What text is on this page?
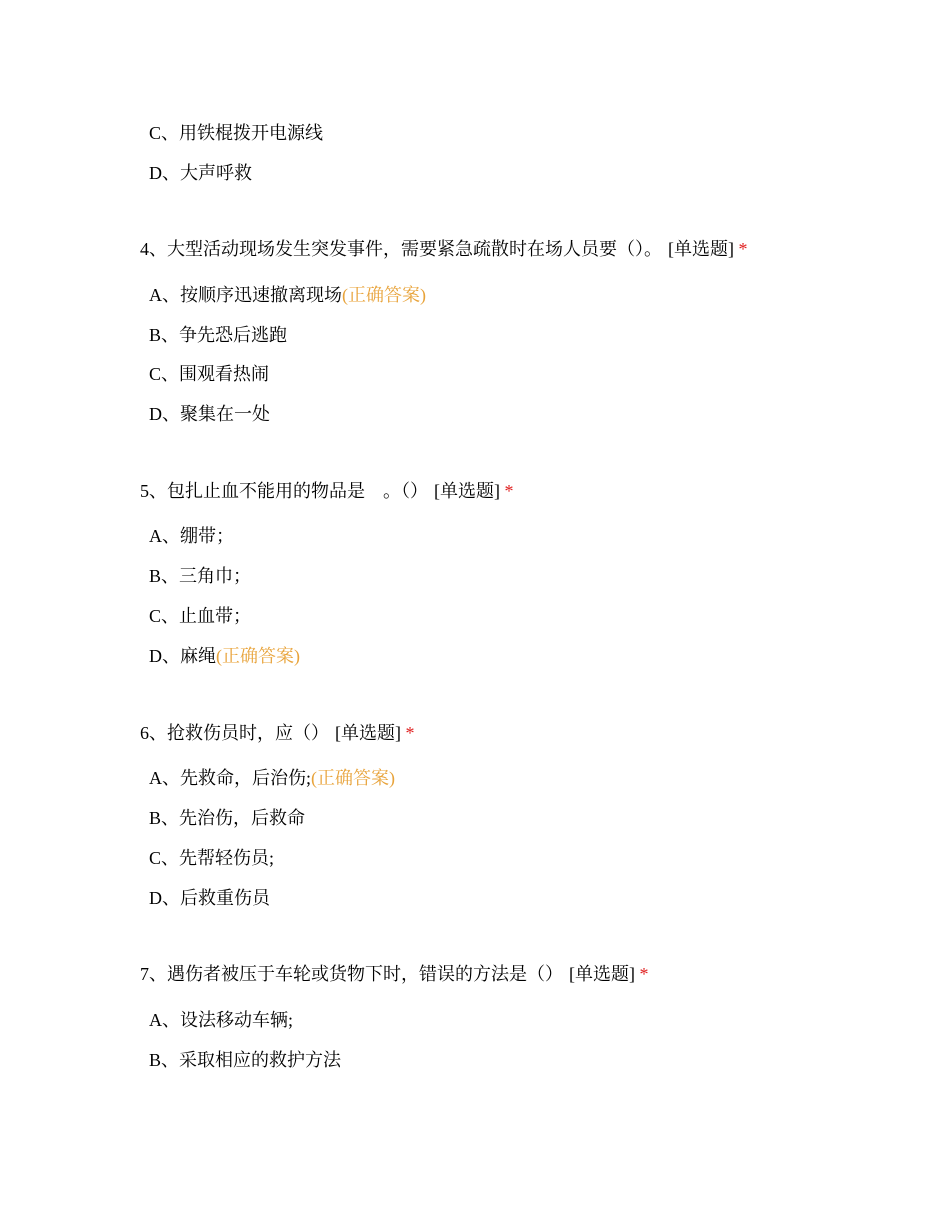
C、用铁棍拨开电源线
D、大声呼救
4、大型活动现场发生突发事件，需要紧急疏散时在场人员要（）。 [单选题] *
A、按顺序迅速撤离现场(正确答案)
B、争先恐后逃跑
C、围观看热闹
D、聚集在一处
5、包扎止血不能用的物品是　。（） [单选题] *
A、绷带；
B、三角巾；
C、止血带；
D、麻绳(正确答案)
6、抢救伤员时，应（） [单选题] *
A、先救命，后治伤;(正确答案)
B、先治伤，后救命
C、先帮轻伤员;
D、后救重伤员
7、遇伤者被压于车轮或货物下时，错误的方法是（） [单选题] *
A、设法移动车辆;
B、采取相应的救护方法
